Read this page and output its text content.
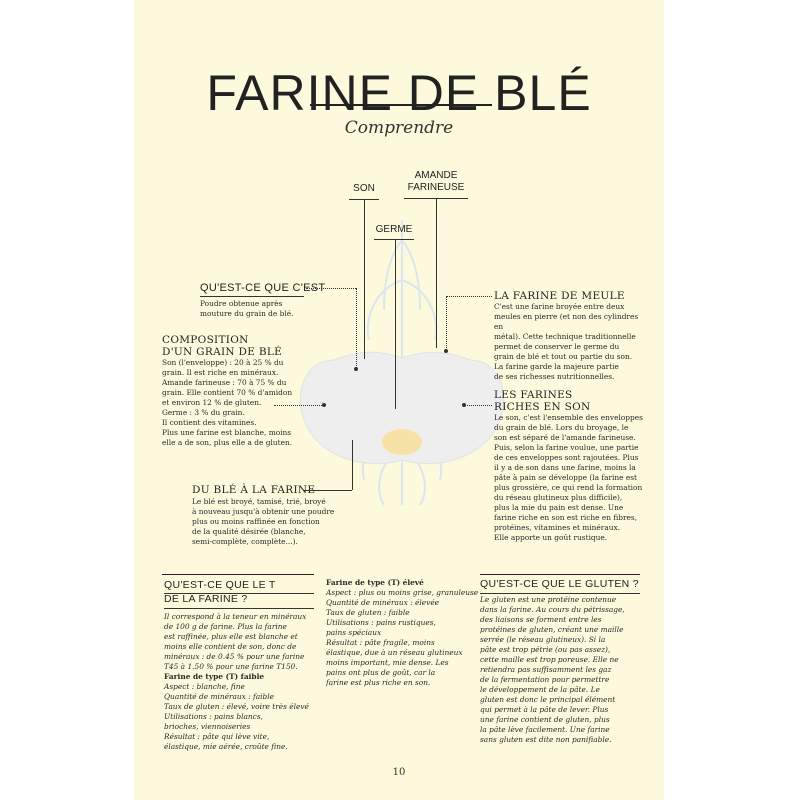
FARINE DE BLÉ
Comprendre
SON
AMANDE
FARINEUSE
GERME
QU'EST-CE QUE C'EST
Poudre obtenue après
mouture du grain de blé.
COMPOSITION
D'UN GRAIN DE BLÉ
Son (l'enveloppe) : 20 à 25 % du
grain. Il est riche en minéraux.
Amande farineuse : 70 à 75 % du
grain. Elle contient 70 % d'amidon
et environ 12 % de gluten.
Germe : 3 % du grain.
Il contient des vitamines.
Plus une farine est blanche, moins
elle a de son, plus elle a de gluten.
DU BLÉ À LA FARINE
Le blé est broyé, tamisé, trié, broyé
à nouveau jusqu'à obtenir une poudre
plus ou moins raffinée en fonction
de la qualité désirée (blanche,
semi-complète, complète...).
LA FARINE DE MEULE
C'est une farine broyée entre deux
meules en pierre (et non des cylindres en
métal). Cette technique traditionnelle
permet de conserver le germe du
grain de blé et tout ou partie du son.
La farine garde la majeure partie
de ses richesses nutritionnelles.
LES FARINES
RICHES EN SON
Le son, c'est l'ensemble des enveloppes
du grain de blé. Lors du broyage, le
son est séparé de l'amande farineuse.
Puis, selon la farine voulue, une partie
de ces enveloppes sont rajoutées. Plus
il y a de son dans une farine, moins la
pâte à pain se développe (la farine est
plus grossière, ce qui rend la formation
du réseau glutineux plus difficile),
plus la mie du pain est dense. Une
farine riche en son est riche en fibres,
protéines, vitamines et minéraux.
Elle apporte un goût rustique.
QU'EST-CE QUE LE T
DE LA FARINE ?

Il correspond à la teneur en minéraux
de 100 g de farine. Plus la farine
est raffinée, plus elle est blanche et
moins elle contient de son, donc de
minéraux : de 0.45 % pour une farine
T45 à 1.50 % pour une farine T150.

Farine de type (T) faible

Aspect : blanche, fine
Quantité de minéraux : faible
Taux de gluten : élevé, voire très élevé
Utilisations : pains blancs,
brioches, viennoiseries
Résultat : pâte qui lève vite,
élastique, mie aérée, croûte fine.

Farine de type (T) élevé

Aspect : plus ou moins grise, granuleuse
Quantité de minéraux : élevée
Taux de gluten : faible
Utilisations : pains rustiques,
pains spéciaux
Résultat : pâte fragile, moins
élastique, due à un réseau glutineux
moins important, mie dense. Les
pains ont plus de goût, car la
farine est plus riche en son.

QU'EST-CE QUE LE GLUTEN ?

Le gluten est une protéine contenue
dans la farine. Au cours du pétrissage,
des liaisons se forment entre les
protéines de gluten, créant une maille
serrée (le réseau glutineux). Si la
pâte est trop pétrie (ou pas assez),
cette maille est trop poreuse. Elle ne
retiendra pas suffisamment les gaz
de la fermentation pour permettre
le développement de la pâte. Le
gluten est donc le principal élément
qui permet à la pâte de lever. Plus
une farine contient de gluten, plus
la pâte lève facilement. Une farine
sans gluten est dite non panifiable.

10
